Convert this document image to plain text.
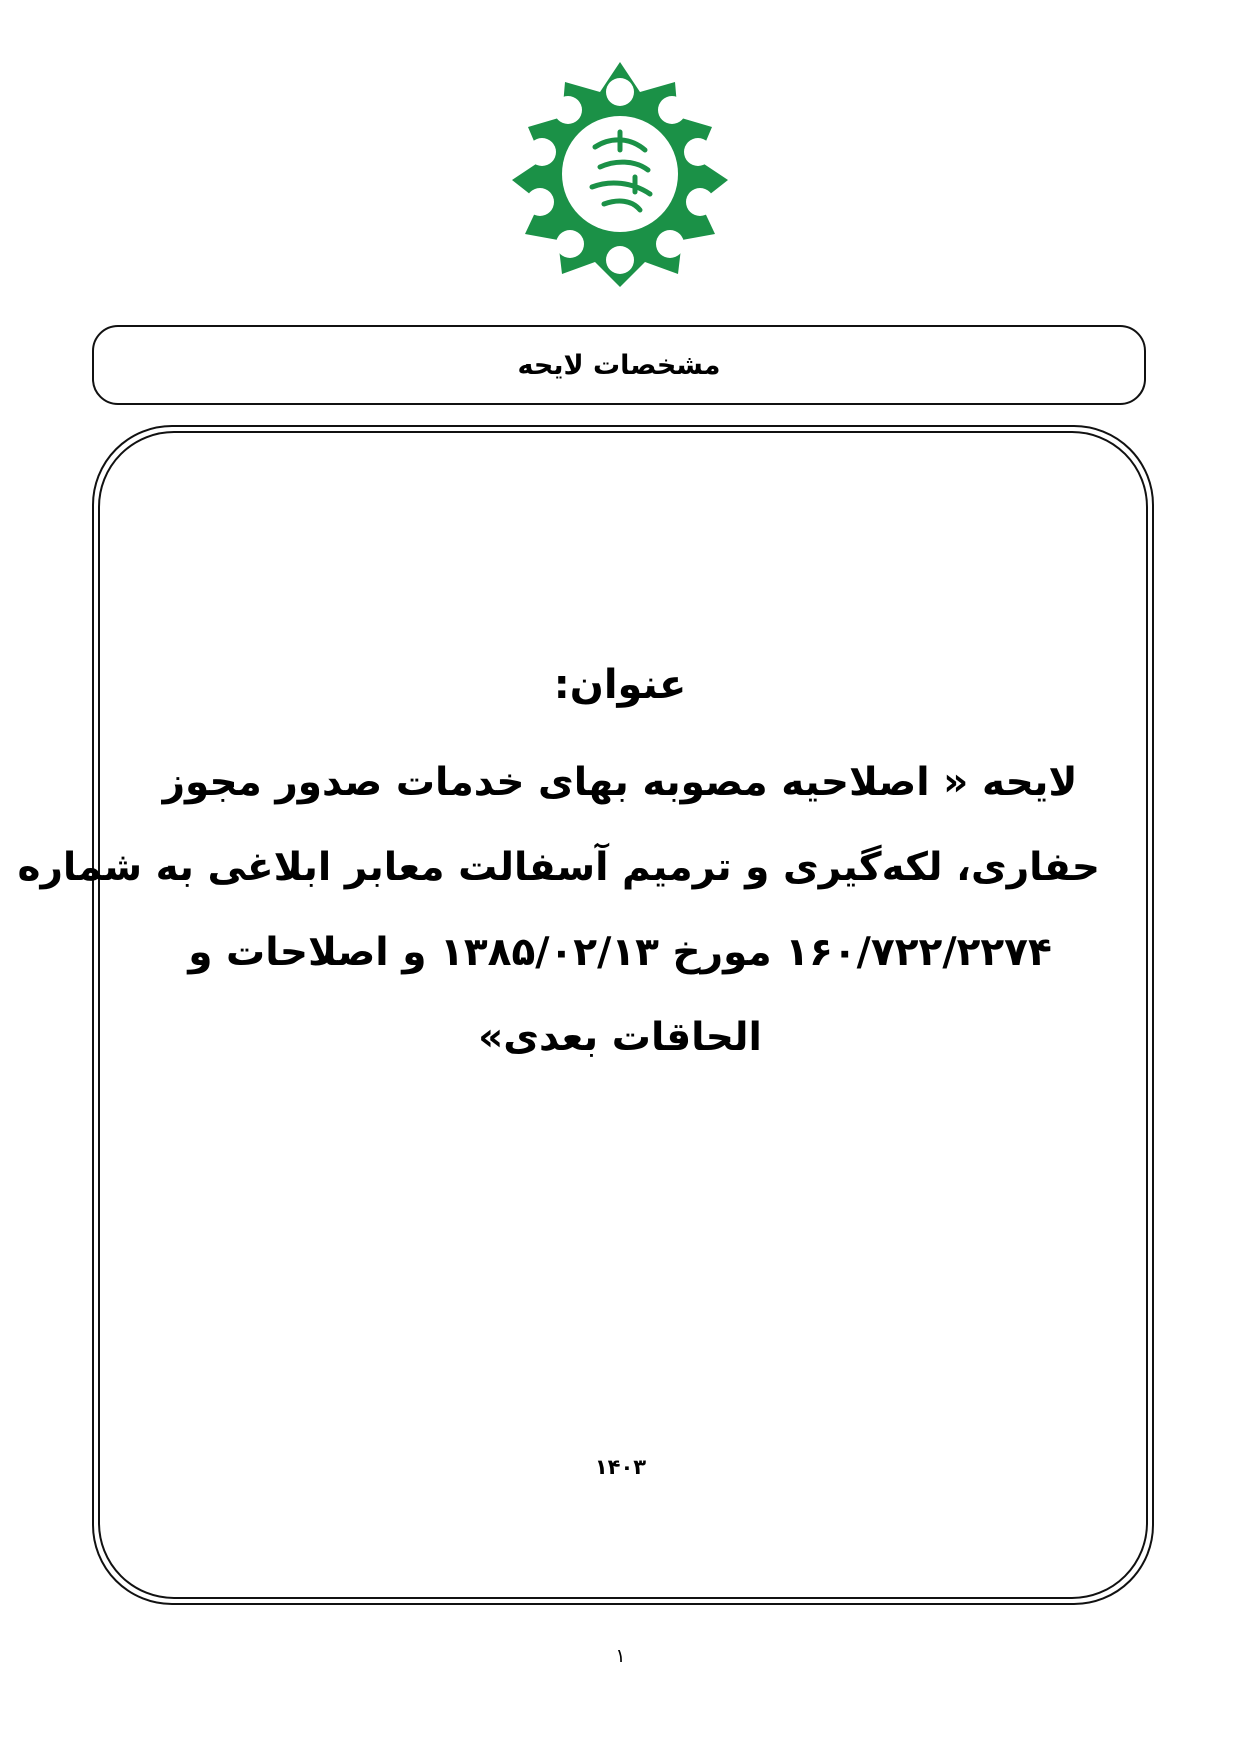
مشخصات لایحه
عنوان:
لایحه « اصلاحیه مصوبه بهای خدمات صدور مجوز
حفاری، لکه‌گیری و ترمیم آسفالت معابر ابلاغی به شماره
۱۶۰/۷۲۲/۲۲۷۴ مورخ ۱۳۸۵/۰۲/۱۳ و اصلاحات و
الحاقات بعدی»
۱۴۰۳
۱
